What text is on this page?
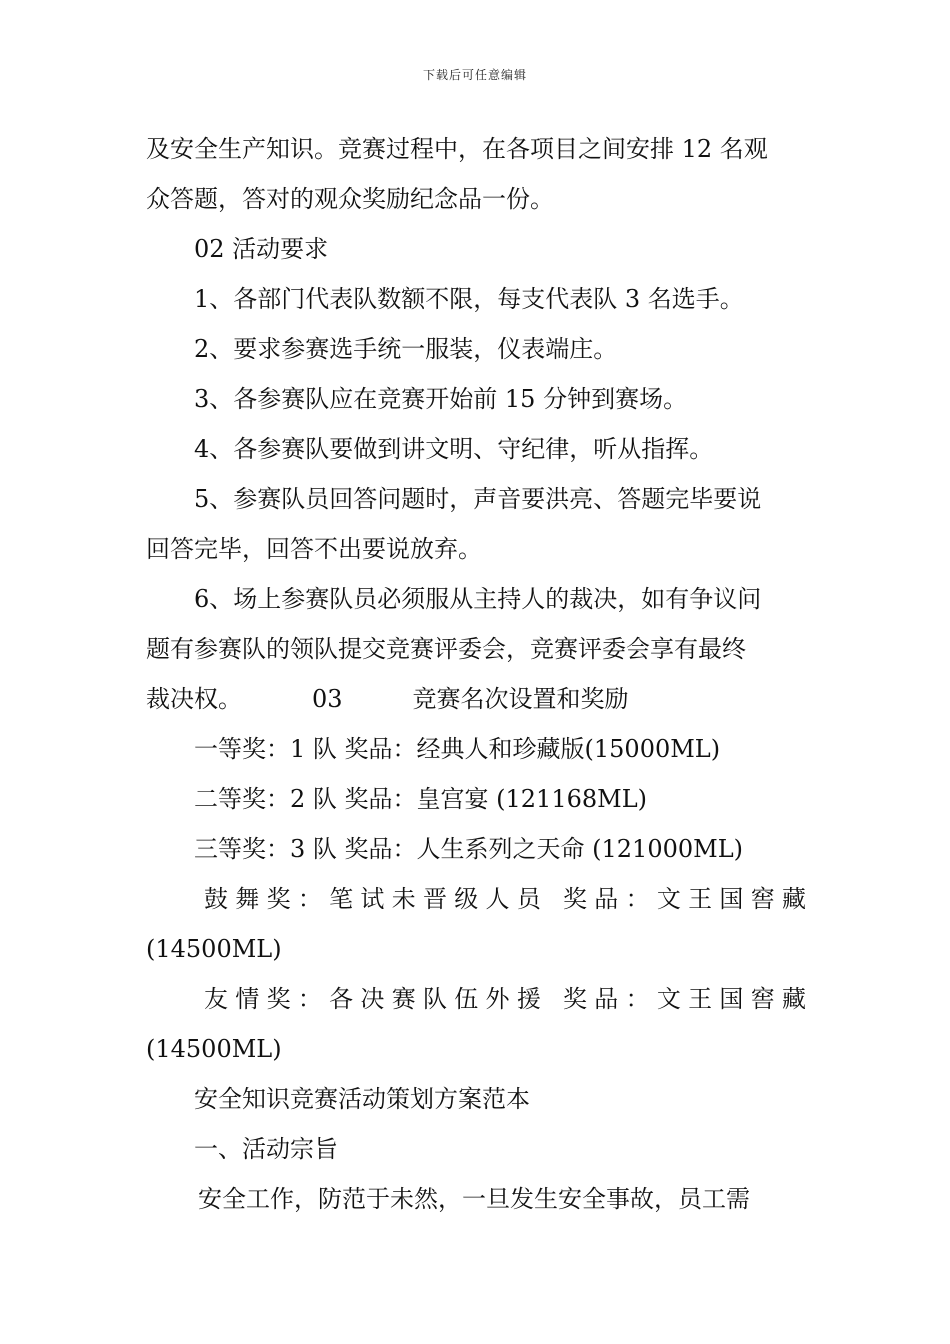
下载后可任意编辑

及安全生产知识。竞赛过程中，在各项目之间安排 12 名观

众答题，答对的观众奖励纪念品一份。

02 活动要求

1、各部门代表队数额不限，每支代表队 3 名选手。

2、要求参赛选手统一服装，仪表端庄。

3、各参赛队应在竞赛开始前 15 分钟到赛场。

4、各参赛队要做到讲文明、守纪律，听从指挥。

5、参赛队员回答问题时，声音要洪亮、答题完毕要说

回答完毕，回答不出要说放弃。

6、场上参赛队员必须服从主持人的裁决，如有争议问

题有参赛队的领队提交竞赛评委会，竞赛评委会享有最终

裁决权。	03	竞赛名次设置和奖励

一等奖：1 队 奖品：经典人和珍藏版(15000ML)

二等奖：2 队 奖品：皇宫宴 (121168ML)

三等奖：3 队 奖品：人生系列之天命 (121000ML)

鼓舞奖：笔试未晋级人员 奖品：文王国窖藏

(14500ML)

友情奖：各决赛队伍外援 奖品：文王国窖藏

(14500ML)

安全知识竞赛活动策划方案范本

一、活动宗旨

安全工作，防范于未然，一旦发生安全事故，员工需
